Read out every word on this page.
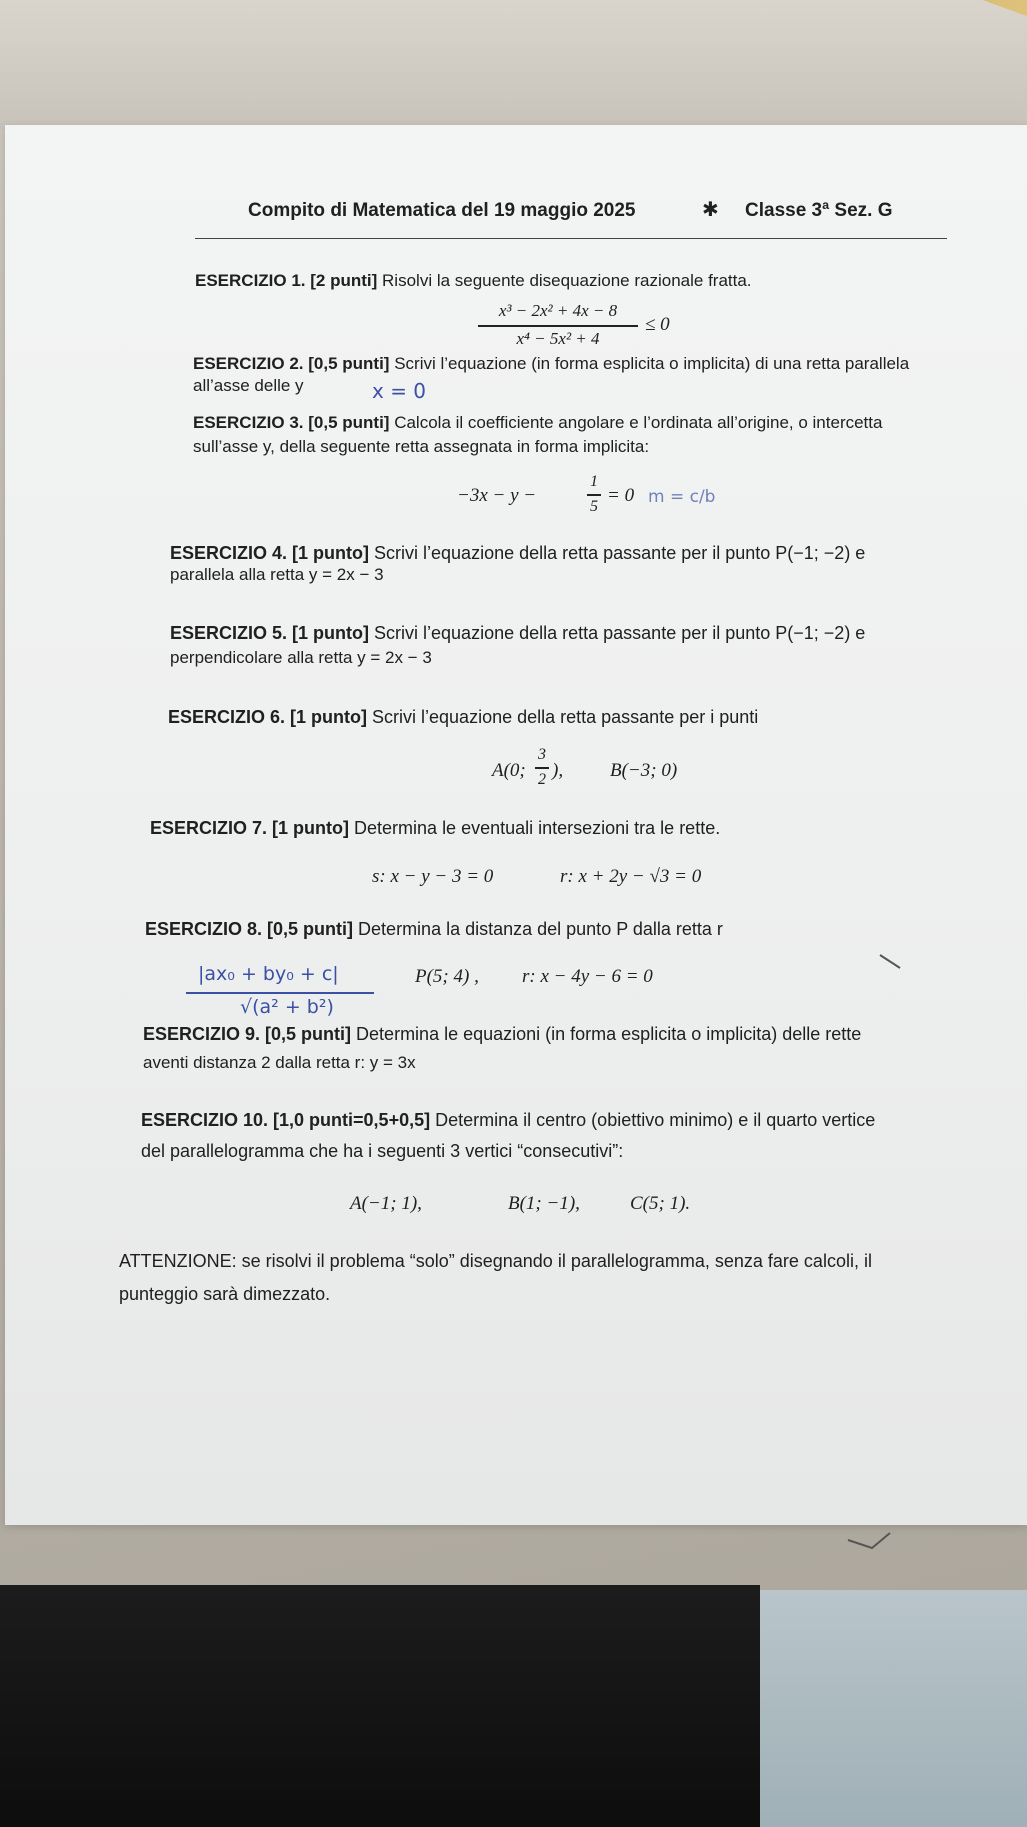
Compito di Matematica del 19 maggio 2025	✱ Classe 3ª Sez. G
ESERCIZIO 1. [2 punti] Risolvi la seguente disequazione razionale fratta.
x³ − 2x² + 4x − 8
x⁴ − 5x² + 4
≤ 0
ESERCIZIO 2. [0,5 punti] Scrivi l’equazione (in forma esplicita o implicita) di una retta parallela
all’asse delle y	x = 0
ESERCIZIO 3. [0,5 punti] Calcola il coefficiente angolare e l’ordinata all’origine, o intercetta
sull’asse y, della seguente retta assegnata in forma implicita:
−3x − y −
1
5
= 0 m = c/b
ESERCIZIO 4. [1 punto] Scrivi l’equazione della retta passante per il punto P(−1; −2) e
parallela alla retta y = 2x − 3
ESERCIZIO 5. [1 punto] Scrivi l’equazione della retta passante per il punto P(−1; −2) e
perpendicolare alla retta y = 2x − 3
ESERCIZIO 6. [1 punto] Scrivi l’equazione della retta passante per i punti
A(0;
3
2 ), B(−3; 0)
ESERCIZIO 7. [1 punto] Determina le eventuali intersezioni tra le rette.
s: x − y − 3 = 0	r: x + 2y − √3 = 0
ESERCIZIO 8. [0,5 punti] Determina la distanza del punto P dalla retta r
|ax₀ + by₀ + c|
√(a² + b²)
P(5; 4) , r: x − 4y − 6 = 0
ESERCIZIO 9. [0,5 punti] Determina le equazioni (in forma esplicita o implicita) delle rette
aventi distanza 2 dalla retta r: y = 3x
ESERCIZIO 10. [1,0 punti=0,5+0,5] Determina il centro (obiettivo minimo) e il quarto vertice
del parallelogramma che ha i seguenti 3 vertici “consecutivi”:
A(−1; 1),	B(1; −1),	C(5; 1).
ATTENZIONE: se risolvi il problema “solo” disegnando il parallelogramma, senza fare calcoli, il
punteggio sarà dimezzato.
